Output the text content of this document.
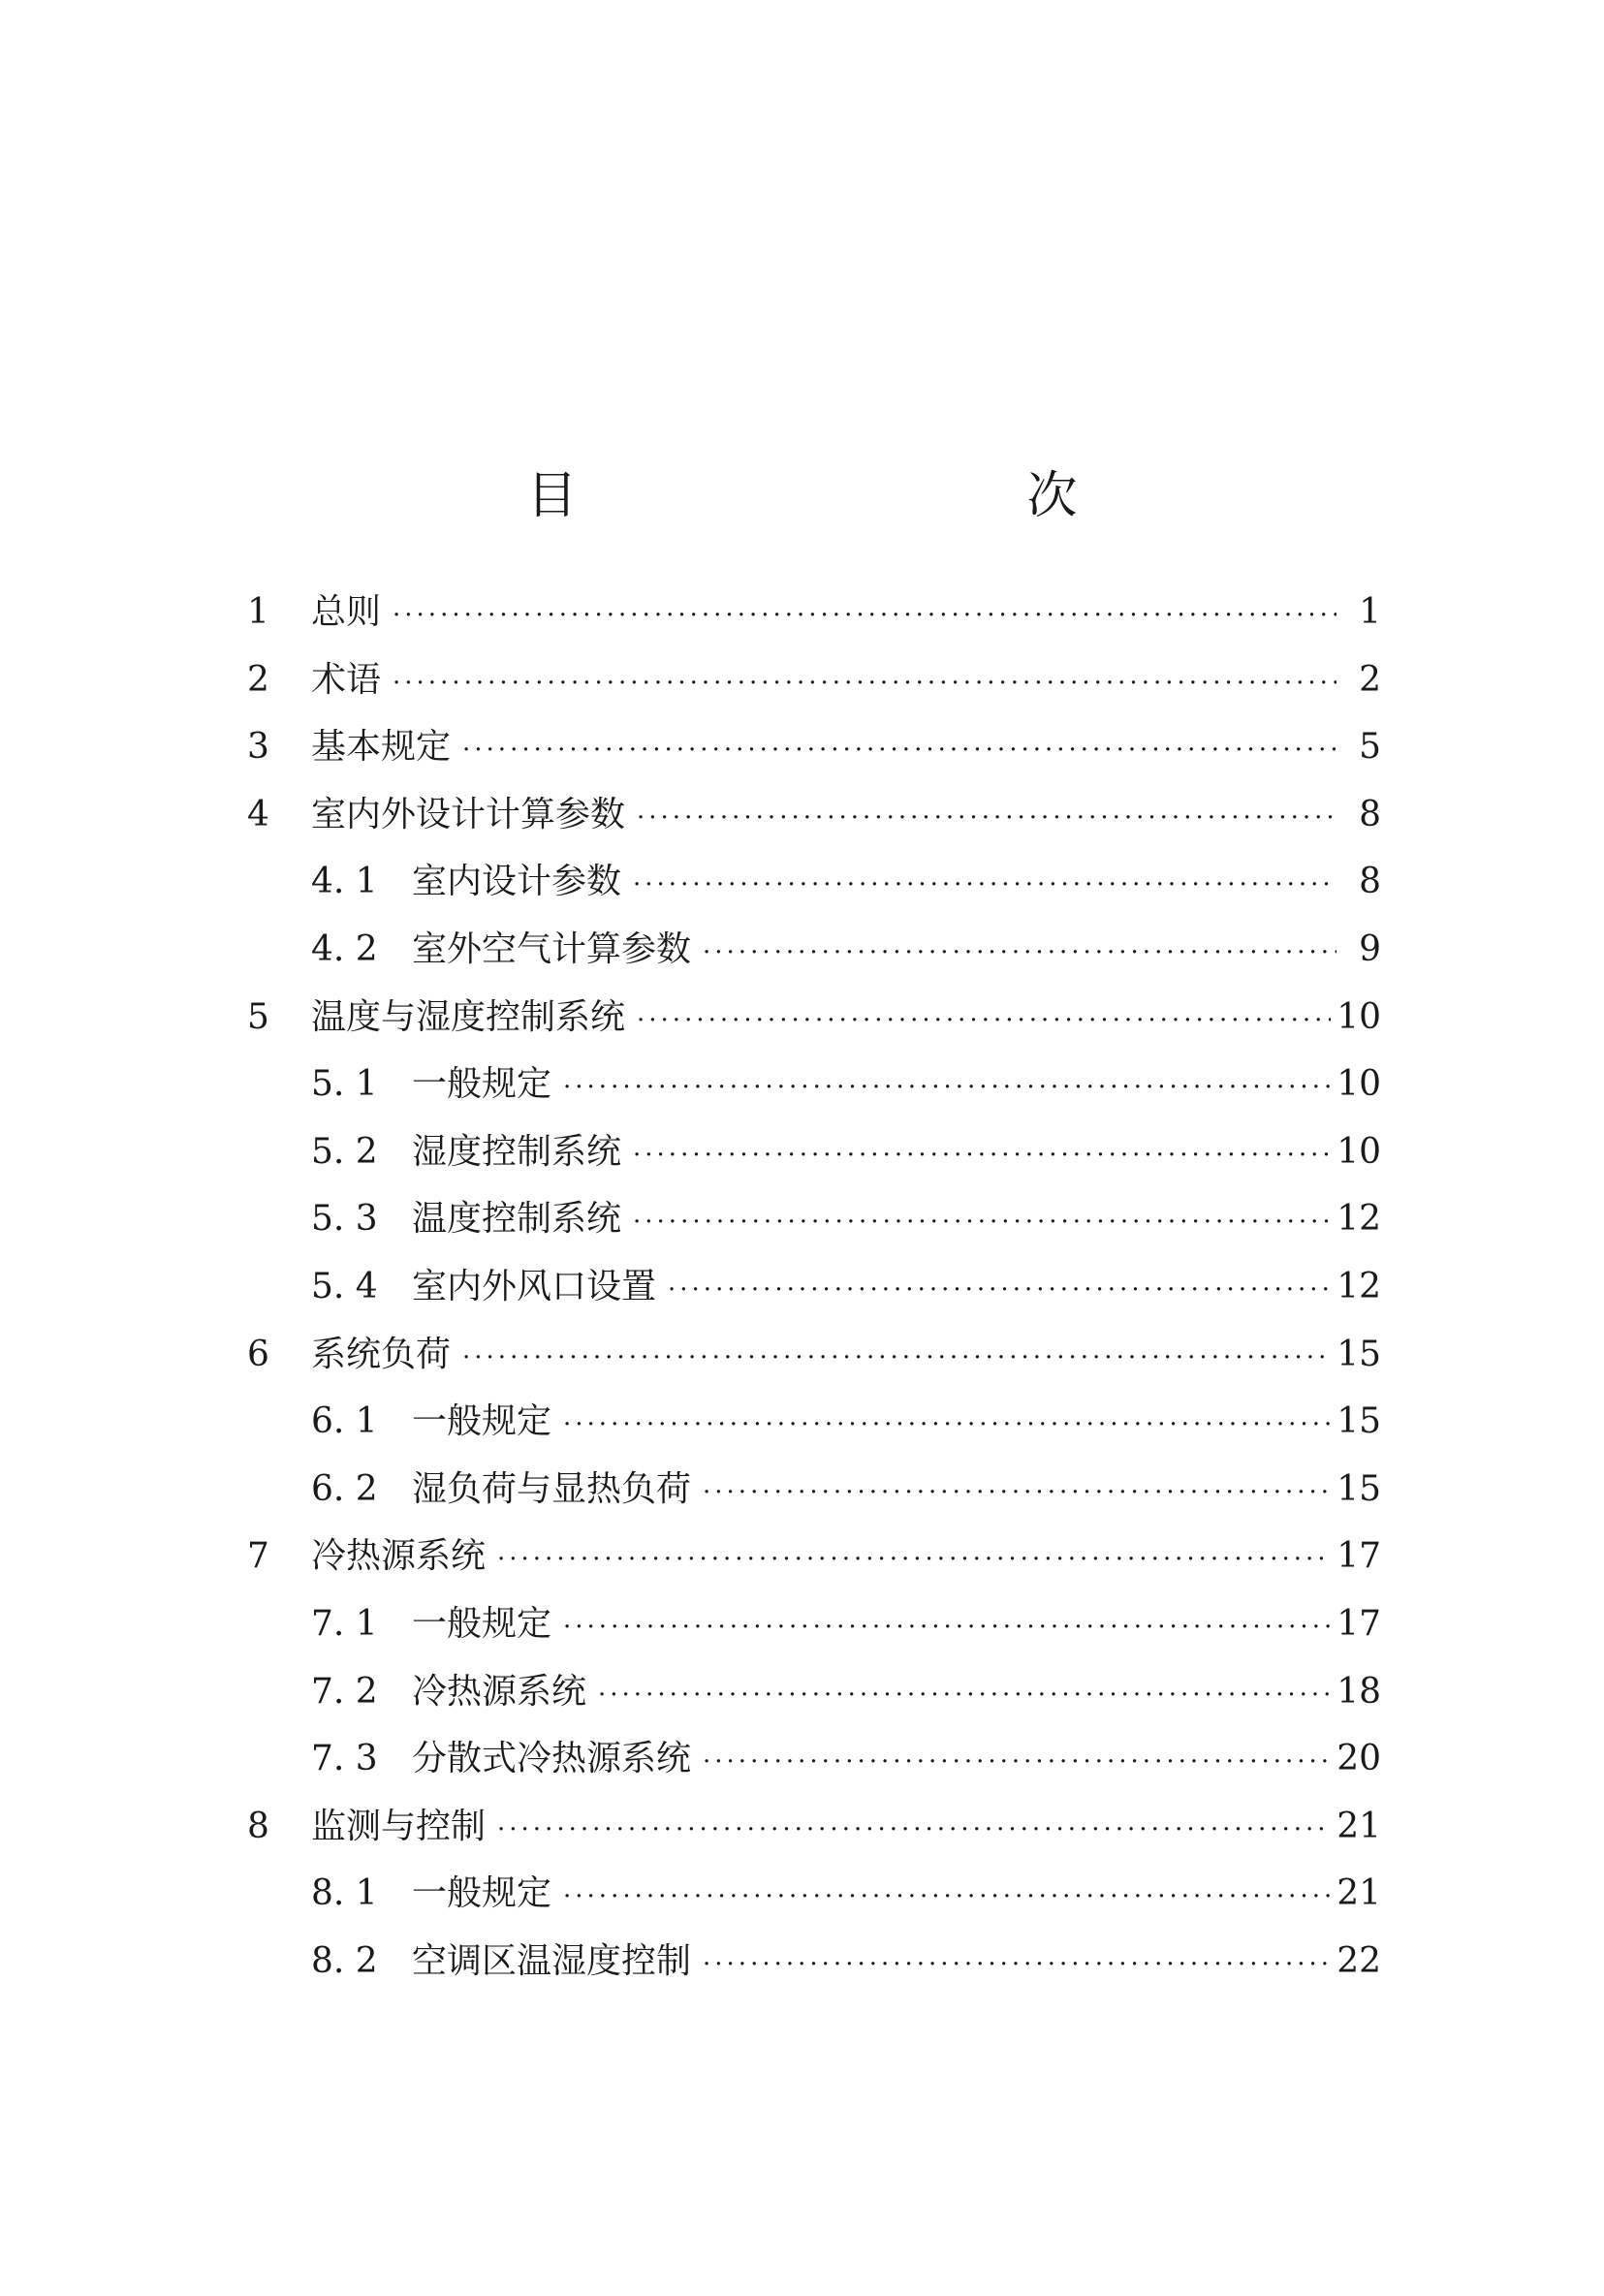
目　　次
1	总则 ·····	1
2	术语 ·····	2
3	基本规定 ·····	5
4	室内外设计计算参数 ·····	8
4. 1 室内设计参数 ·····	8
4. 2 室外空气计算参数 ·····	9
5	温度与湿度控制系统 ·····	10
5. 1 一般规定 ·····	10
5. 2 湿度控制系统 ·····	10
5. 3 温度控制系统 ·····	12
5. 4 室内外风口设置 ·····	12
6	系统负荷 ·····	15
6. 1 一般规定 ·····	15
6. 2 湿负荷与显热负荷 ·····	15
7	冷热源系统 ·····	17
7. 1 一般规定 ·····	17
7. 2 冷热源系统 ·····	18
7. 3 分散式冷热源系统 ·····	20
8	监测与控制 ·····	21
8. 1 一般规定 ·····	21
8. 2 空调区温湿度控制 ·····	22
